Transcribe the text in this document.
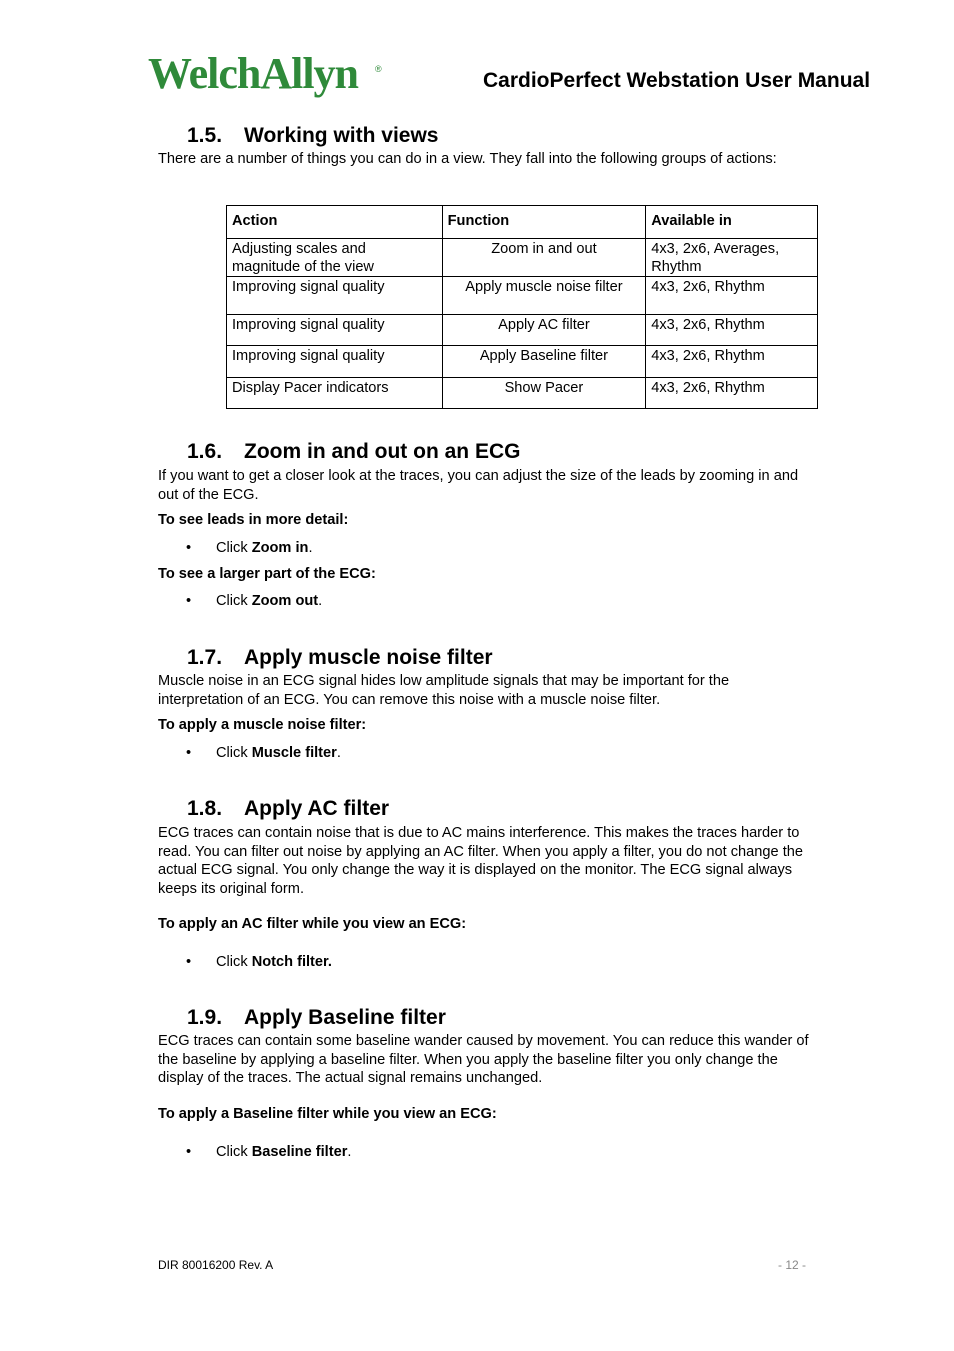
WelchAllyn ®	CardioPerfect Webstation User Manual
1.5. Working with views
There are a number of things you can do in a view. They fall into the following groups of actions:
Action	Function	Available in
Adjusting scales and magnitude of the view	Zoom in and out	4x3, 2x6, Averages, Rhythm
Improving signal quality	Apply muscle noise filter	4x3, 2x6, Rhythm
Improving signal quality	Apply AC filter	4x3, 2x6, Rhythm
Improving signal quality	Apply Baseline filter	4x3, 2x6, Rhythm
Display Pacer indicators	Show Pacer	4x3, 2x6, Rhythm
1.6. Zoom in and out on an ECG
If you want to get a closer look at the traces, you can adjust the size of the leads by zooming in and out of the ECG.
To see leads in more detail:
• Click Zoom in.
To see a larger part of the ECG:
• Click Zoom out.
1.7. Apply muscle noise filter
Muscle noise in an ECG signal hides low amplitude signals that may be important for the interpretation of an ECG. You can remove this noise with a muscle noise filter.
To apply a muscle noise filter:
• Click Muscle filter.
1.8. Apply AC filter
ECG traces can contain noise that is due to AC mains interference. This makes the traces harder to read. You can filter out noise by applying an AC filter. When you apply a filter, you do not change the actual ECG signal. You only change the way it is displayed on the monitor. The ECG signal always keeps its original form.
To apply an AC filter while you view an ECG:
• Click Notch filter.
1.9. Apply Baseline filter
ECG traces can contain some baseline wander caused by movement. You can reduce this wander of the baseline by applying a baseline filter. When you apply the baseline filter you only change the display of the traces. The actual signal remains unchanged.
To apply a Baseline filter while you view an ECG:
• Click Baseline filter.
DIR 80016200 Rev. A	- 12 -
